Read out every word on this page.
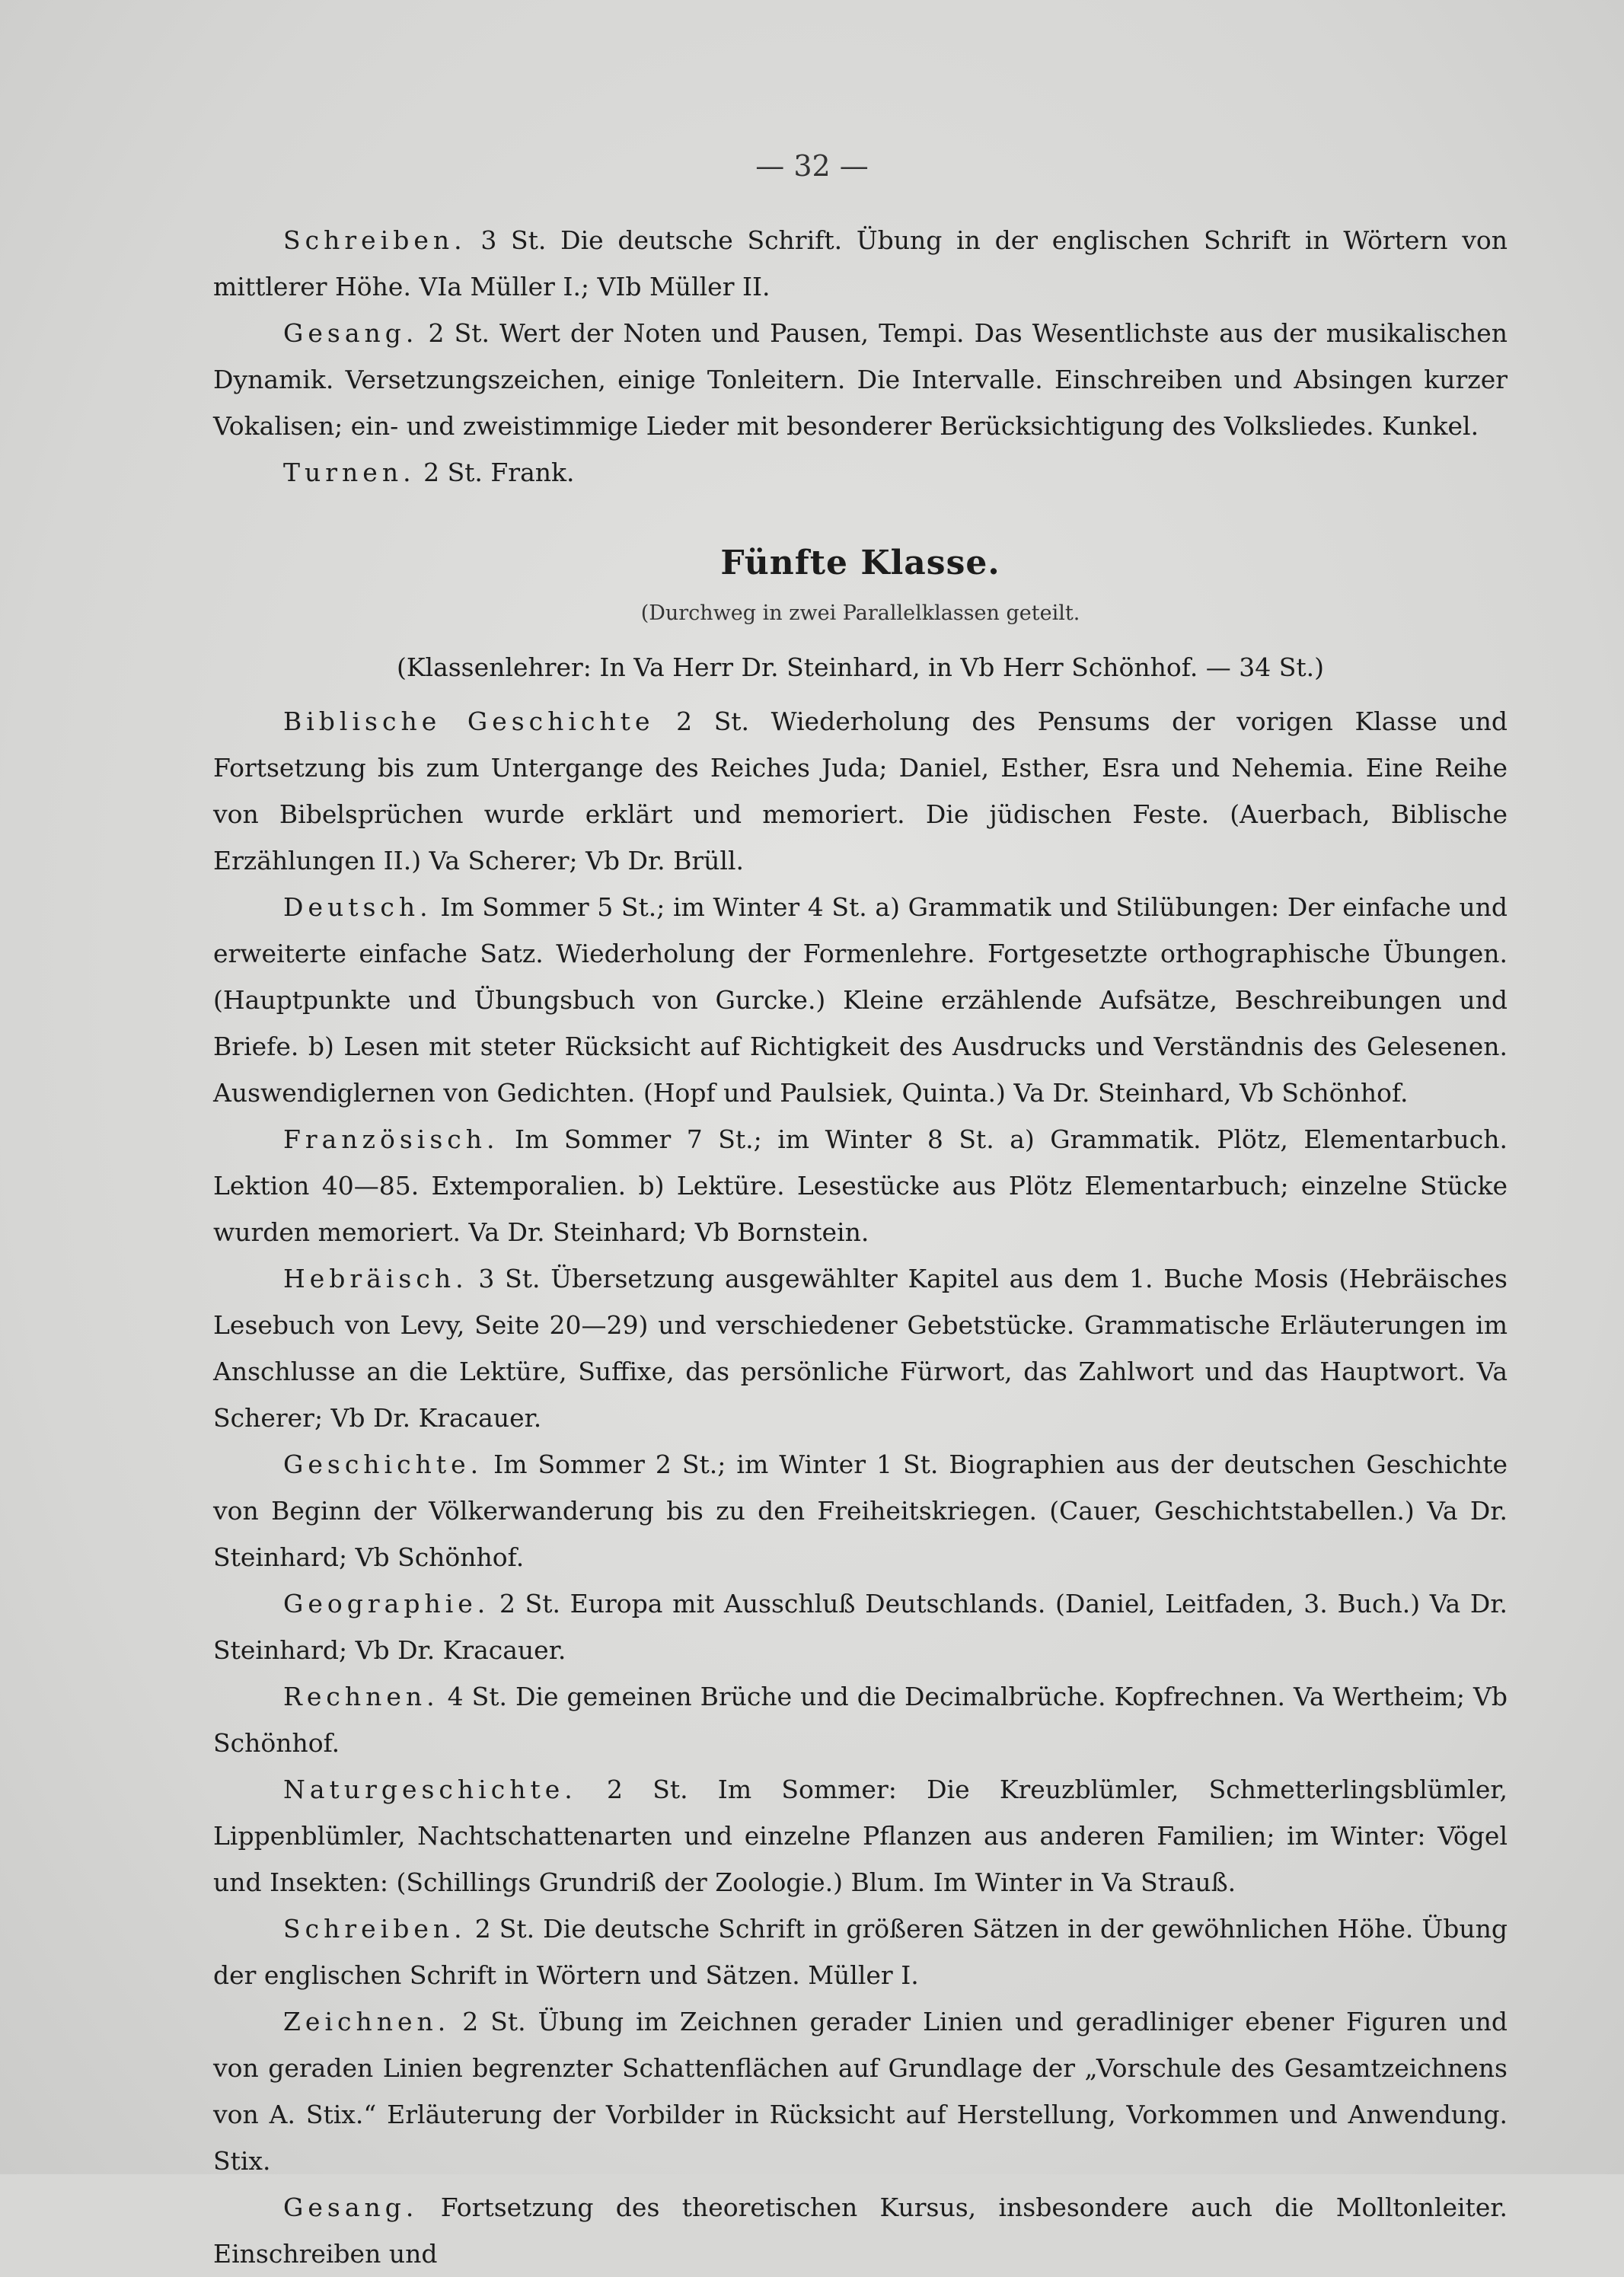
— 32 —

Schreiben. 3 St. Die deutsche Schrift. Übung in der englischen Schrift in Wörtern von mittlerer Höhe. VIa Müller I.; VIb Müller II.

Gesang. 2 St. Wert der Noten und Pausen, Tempi. Das Wesentlichste aus der musikalischen Dynamik. Versetzungszeichen, einige Tonleitern. Die Intervalle. Einschreiben und Absingen kurzer Vokalisen; ein- und zweistimmige Lieder mit besonderer Berücksichtigung des Volksliedes. Kunkel.

Turnen. 2 St. Frank.

Fünfte Klasse.
(Durchweg in zwei Parallelklassen geteilt.
(Klassenlehrer: In Va Herr Dr. Steinhard, in Vb Herr Schönhof. — 34 St.)

Biblische Geschichte 2 St. Wiederholung des Pensums der vorigen Klasse und Fortsetzung bis zum Untergange des Reiches Juda; Daniel, Esther, Esra und Nehemia. Eine Reihe von Bibelsprüchen wurde erklärt und memoriert. Die jüdischen Feste. (Auerbach, Biblische Erzählungen II.) Va Scherer; Vb Dr. Brüll.

Deutsch. Im Sommer 5 St.; im Winter 4 St. a) Grammatik und Stilübungen: Der einfache und erweiterte einfache Satz. Wiederholung der Formenlehre. Fortgesetzte orthographische Übungen. (Hauptpunkte und Übungsbuch von Gurcke.) Kleine erzählende Aufsätze, Beschreibungen und Briefe. b) Lesen mit steter Rücksicht auf Richtigkeit des Ausdrucks und Verständnis des Gelesenen. Auswendiglernen von Gedichten. (Hopf und Paulsiek, Quinta.) Va Dr. Steinhard, Vb Schönhof.

Französisch. Im Sommer 7 St.; im Winter 8 St. a) Grammatik. Plötz, Elementarbuch. Lektion 40—85. Extemporalien. b) Lektüre. Lesestücke aus Plötz Elementarbuch; einzelne Stücke wurden memoriert. Va Dr. Steinhard; Vb Bornstein.

Hebräisch. 3 St. Übersetzung ausgewählter Kapitel aus dem 1. Buche Mosis (Hebräisches Lesebuch von Levy, Seite 20—29) und verschiedener Gebetstücke. Grammatische Erläuterungen im Anschlusse an die Lektüre, Suffixe, das persönliche Fürwort, das Zahlwort und das Hauptwort. Va Scherer; Vb Dr. Kracauer.

Geschichte. Im Sommer 2 St.; im Winter 1 St. Biographien aus der deutschen Geschichte von Beginn der Völkerwanderung bis zu den Freiheitskriegen. (Cauer, Geschichtstabellen.) Va Dr. Steinhard; Vb Schönhof.

Geographie. 2 St. Europa mit Ausschluß Deutschlands. (Daniel, Leitfaden, 3. Buch.) Va Dr. Steinhard; Vb Dr. Kracauer.

Rechnen. 4 St. Die gemeinen Brüche und die Decimalbrüche. Kopfrechnen. Va Wertheim; Vb Schönhof.

Naturgeschichte. 2 St. Im Sommer: Die Kreuzblümler, Schmetterlingsblümler, Lippenblümler, Nachtschattenarten und einzelne Pflanzen aus anderen Familien; im Winter: Vögel und Insekten: (Schillings Grundriß der Zoologie.) Blum. Im Winter in Va Strauß.

Schreiben. 2 St. Die deutsche Schrift in größeren Sätzen in der gewöhnlichen Höhe. Übung der englischen Schrift in Wörtern und Sätzen. Müller I.

Zeichnen. 2 St. Übung im Zeichnen gerader Linien und geradliniger ebener Figuren und von geraden Linien begrenzter Schattenflächen auf Grundlage der „Vorschule des Gesamtzeichnens von A. Stix.“ Erläuterung der Vorbilder in Rücksicht auf Herstellung, Vorkommen und Anwendung. Stix.

Gesang. Fortsetzung des theoretischen Kursus, insbesondere auch die Molltonleiter. Einschreiben und
